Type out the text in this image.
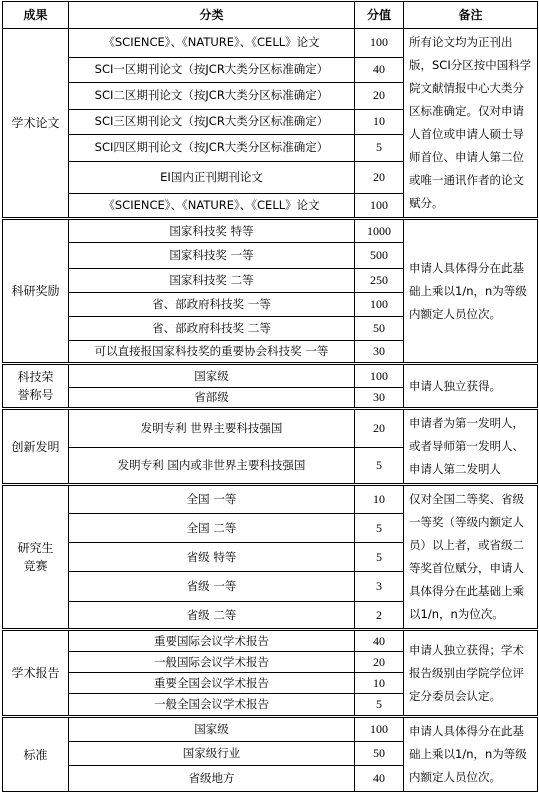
成果	分类	分值	备注
学术论文	《SCIENCE》、《NATURE》、《CELL》论文	100	所有论文均为正刊出版，SCI分区按中国科学院文献情报中心大类分区标准确定。仅对申请人首位或申请人硕士导师首位、申请人第二位或唯一通讯作者的论文赋分。
	SCI一区期刊论文（按JCR大类分区标准确定）	40	
	SCI二区期刊论文（按JCR大类分区标准确定）	20	
	SCI三区期刊论文（按JCR大类分区标准确定）	10	
	SCI四区期刊论文（按JCR大类分区标准确定）	5	
	EI国内正刊期刊论文	20	
	《SCIENCE》、《NATURE》、《CELL》论文	100	
科研奖励	国家科技奖 特等	1000	申请人具体得分在此基础上乘以1/n，n为等级内额定人员位次。
	国家科技奖 一等	500	
	国家科技奖 二等	250	
	省、部政府科技奖 一等	100	
	省、部政府科技奖 二等	50	
	可以直接报国家科技奖的重要协会科技奖 一等	30	
科技荣誉称号	国家级	100	申请人独立获得。
	省部级	30	
创新发明	发明专利 世界主要科技强国	20	申请者为第一发明人，或者导师第一发明人、申请人第二发明人
	发明专利 国内或非世界主要科技强国	5	
研究生竞赛	全国 一等	10	仅对全国二等奖、省级一等奖（等级内额定人员）以上者，或省级二等奖首位赋分，申请人具体得分在此基础上乘以1/n，n为位次。
	全国 二等	5	
	省级 特等	5	
	省级 一等	3	
	省级 二等	2	
学术报告	重要国际会议学术报告	40	申请人独立获得；学术报告级别由学院学位评定分委员会认定。
	一般国际会议学术报告	20	
	重要全国会议学术报告	10	
	一般全国会议学术报告	5	
标准	国家级	100	申请人具体得分在此基础上乘以1/n，n为等级内额定人员位次。
	国家级行业	50	
	省级地方	40	
